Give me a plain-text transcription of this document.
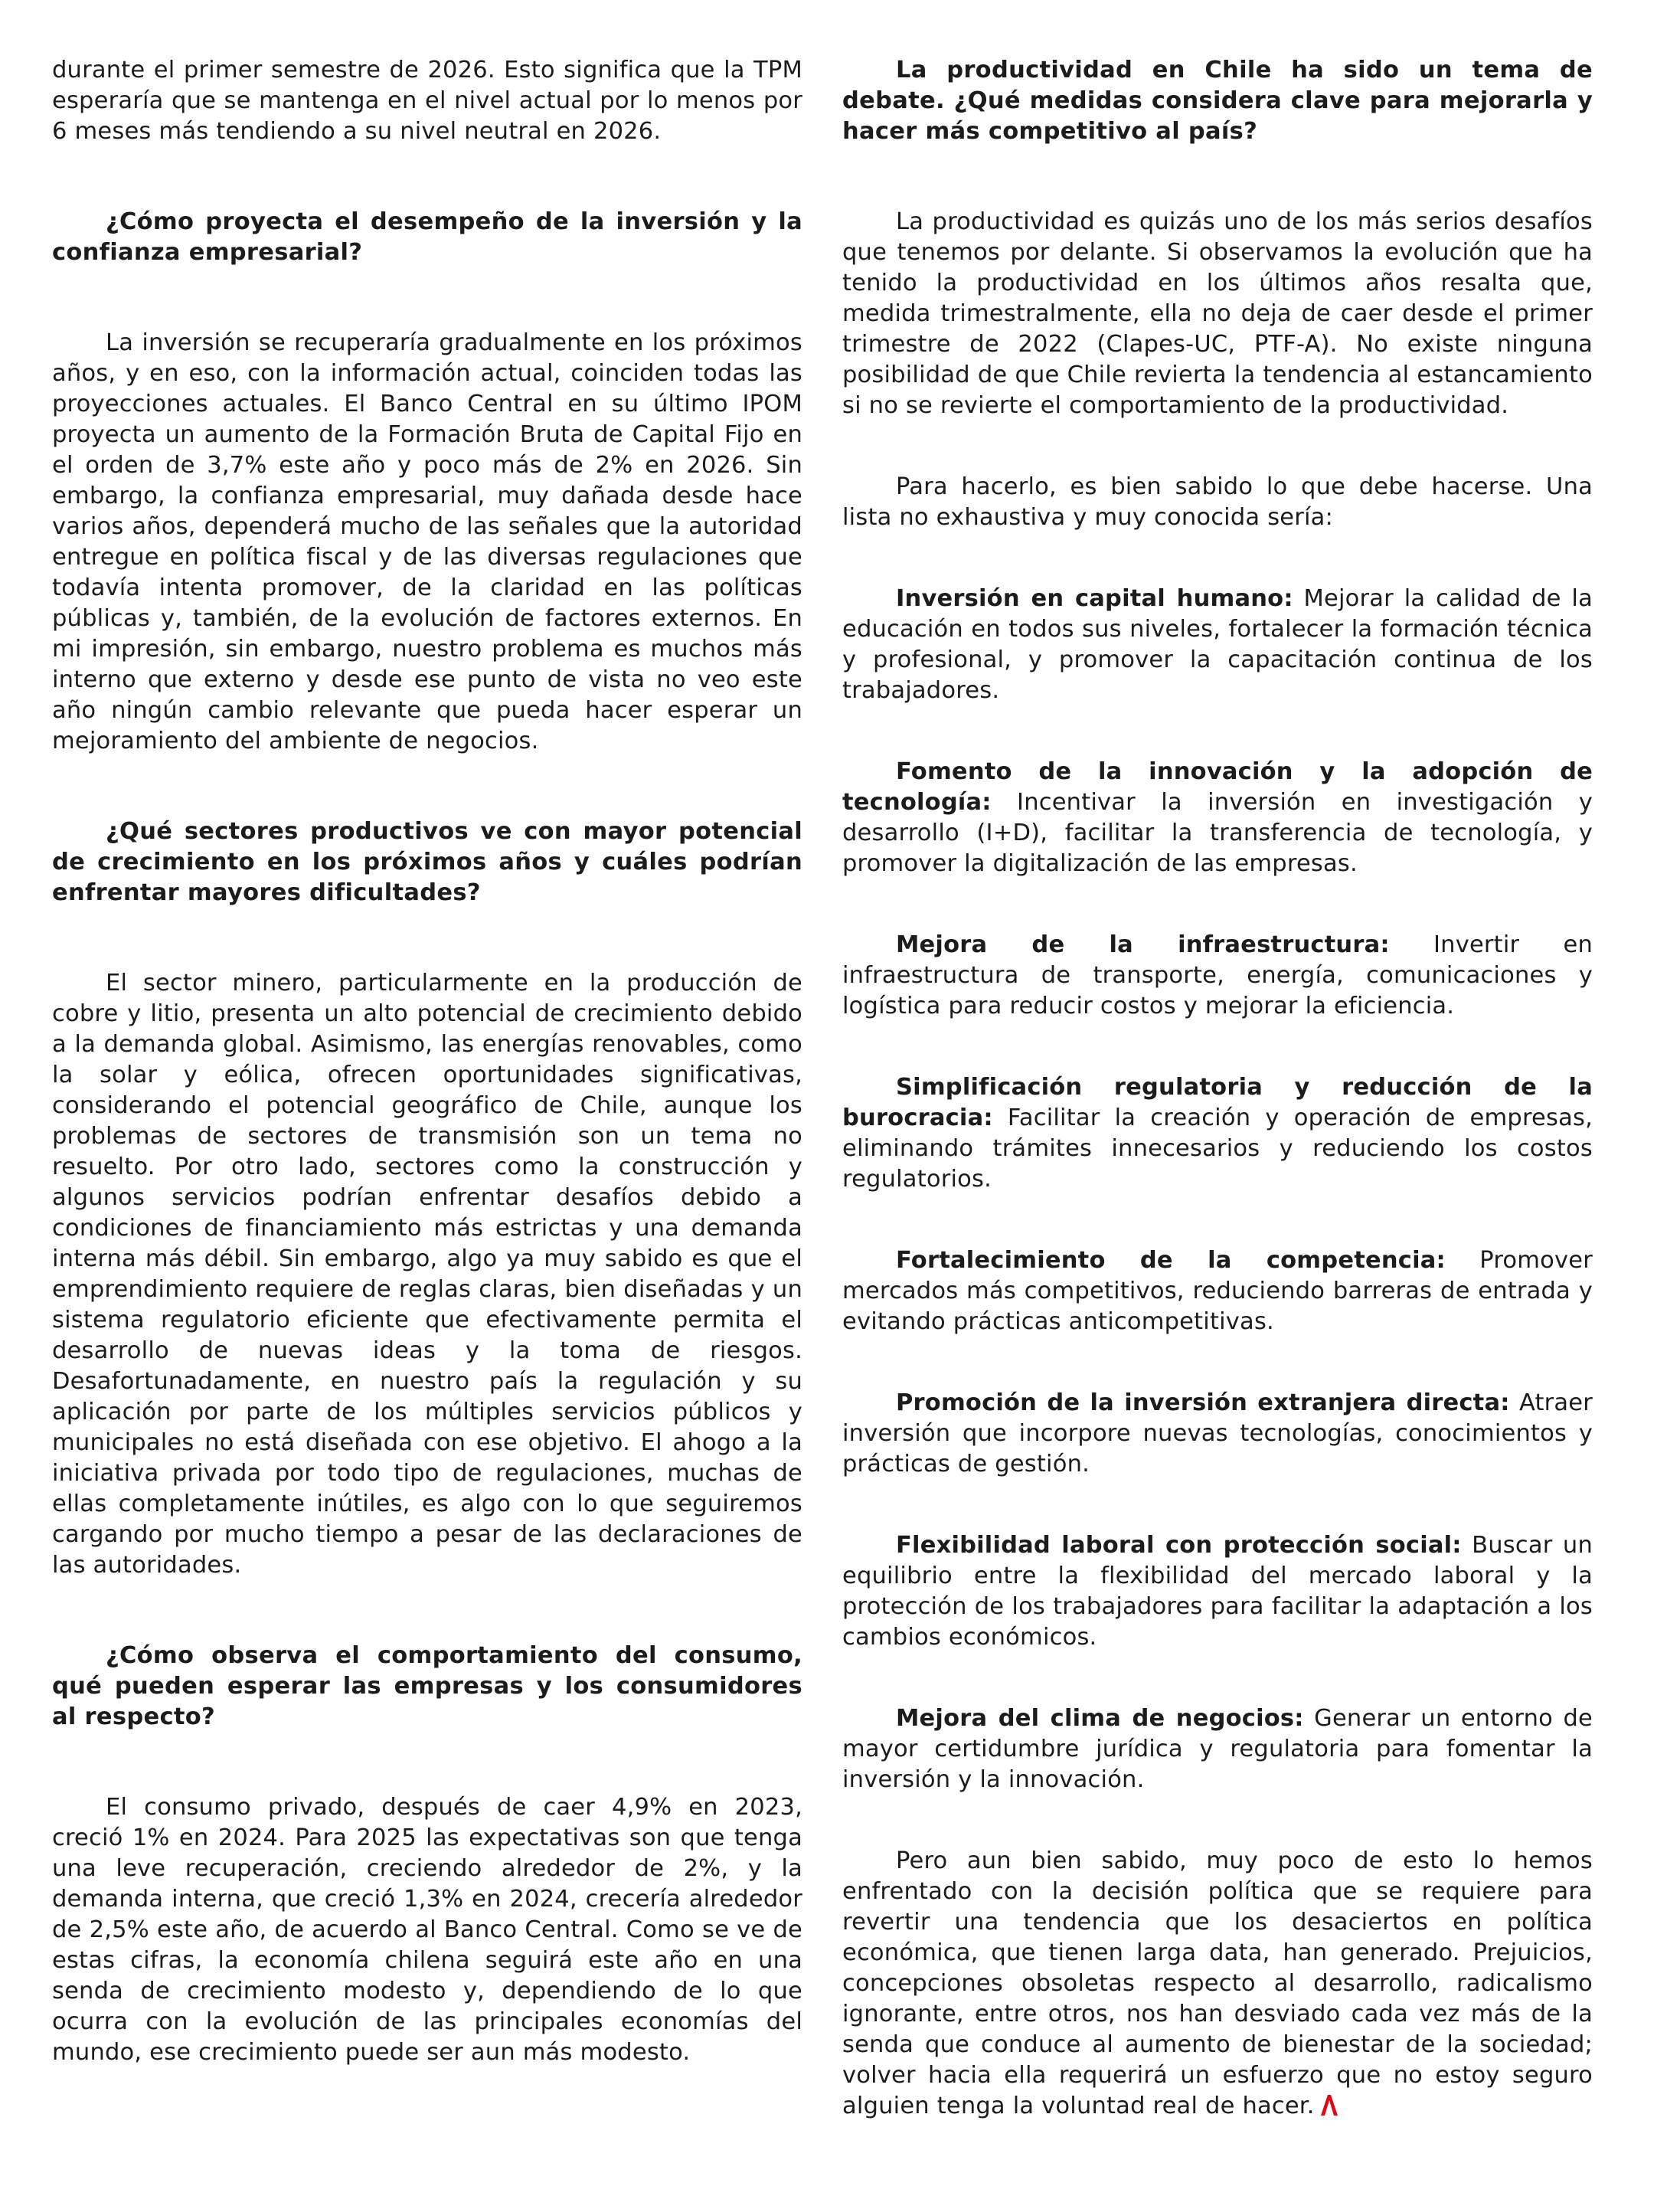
durante el primer semestre de 2026. Esto significa que la TPM esperaría que se mantenga en el nivel actual por lo menos por 6 meses más tendiendo a su nivel neutral en 2026.

¿Cómo proyecta el desempeño de la inversión y la confianza empresarial?

La inversión se recuperaría gradualmente en los próximos años, y en eso, con la información actual, coinciden todas las proyecciones actuales. El Banco Central en su último IPOM proyecta un aumento de la Formación Bruta de Capital Fijo en el orden de 3,7% este año y poco más de 2% en 2026. Sin embargo, la confianza empresarial, muy dañada desde hace varios años, dependerá mucho de las señales que la autoridad entregue en política fiscal y de las diversas regulaciones que todavía intenta promover, de la claridad en las políticas públicas y, también, de la evolución de factores externos. En mi impresión, sin embargo, nuestro problema es muchos más interno que externo y desde ese punto de vista no veo este año ningún cambio relevante que pueda hacer esperar un mejoramiento del ambiente de negocios.

¿Qué sectores productivos ve con mayor potencial de crecimiento en los próximos años y cuáles podrían enfrentar mayores dificultades?

El sector minero, particularmente en la producción de cobre y litio, presenta un alto potencial de crecimiento debido a la demanda global. Asimismo, las energías renovables, como la solar y eólica, ofrecen oportunidades significativas, considerando el potencial geográfico de Chile, aunque los problemas de sectores de transmisión son un tema no resuelto. Por otro lado, sectores como la construcción y algunos servicios podrían enfrentar desafíos debido a condiciones de financiamiento más estrictas y una demanda interna más débil. Sin embargo, algo ya muy sabido es que el emprendimiento requiere de reglas claras, bien diseñadas y un sistema regulatorio eficiente que efectivamente permita el desarrollo de nuevas ideas y la toma de riesgos. Desafortunadamente, en nuestro país la regulación y su aplicación por parte de los múltiples servicios públicos y municipales no está diseñada con ese objetivo. El ahogo a la iniciativa privada por todo tipo de regulaciones, muchas de ellas completamente inútiles, es algo con lo que seguiremos cargando por mucho tiempo a pesar de las declaraciones de las autoridades.

¿Cómo observa el comportamiento del consumo, qué pueden esperar las empresas y los consumidores al respecto?

El consumo privado, después de caer 4,9% en 2023, creció 1% en 2024. Para 2025 las expectativas son que tenga una leve recuperación, creciendo alrededor de 2%, y la demanda interna, que creció 1,3% en 2024, crecería alrededor de 2,5% este año, de acuerdo al Banco Central. Como se ve de estas cifras, la economía chilena seguirá este año en una senda de crecimiento modesto y, dependiendo de lo que ocurra con la evolución de las principales economías del mundo, ese crecimiento puede ser aun más modesto.

La productividad en Chile ha sido un tema de debate. ¿Qué medidas considera clave para mejorarla y hacer más competitivo al país?

La productividad es quizás uno de los más serios desafíos que tenemos por delante. Si observamos la evolución que ha tenido la productividad en los últimos años resalta que, medida trimestralmente, ella no deja de caer desde el primer trimestre de 2022 (Clapes-UC, PTF-A). No existe ninguna posibilidad de que Chile revierta la tendencia al estancamiento si no se revierte el comportamiento de la productividad.

Para hacerlo, es bien sabido lo que debe hacerse. Una lista no exhaustiva y muy conocida sería:

Inversión en capital humano: Mejorar la calidad de la educación en todos sus niveles, fortalecer la formación técnica y profesional, y promover la capacitación continua de los trabajadores.

Fomento de la innovación y la adopción de tecnología: Incentivar la inversión en investigación y desarrollo (I+D), facilitar la transferencia de tecnología, y promover la digitalización de las empresas.

Mejora de la infraestructura: Invertir en infraestructura de transporte, energía, comunicaciones y logística para reducir costos y mejorar la eficiencia.

Simplificación regulatoria y reducción de la burocracia: Facilitar la creación y operación de empresas, eliminando trámites innecesarios y reduciendo los costos regulatorios.

Fortalecimiento de la competencia: Promover mercados más competitivos, reduciendo barreras de entrada y evitando prácticas anticompetitivas.

Promoción de la inversión extranjera directa: Atraer inversión que incorpore nuevas tecnologías, conocimientos y prácticas de gestión.

Flexibilidad laboral con protección social: Buscar un equilibrio entre la flexibilidad del mercado laboral y la protección de los trabajadores para facilitar la adaptación a los cambios económicos.

Mejora del clima de negocios: Generar un entorno de mayor certidumbre jurídica y regulatoria para fomentar la inversión y la innovación.

Pero aun bien sabido, muy poco de esto lo hemos enfrentado con la decisión política que se requiere para revertir una tendencia que los desaciertos en política económica, que tienen larga data, han generado. Prejuicios, concepciones obsoletas respecto al desarrollo, radicalismo ignorante, entre otros, nos han desviado cada vez más de la senda que conduce al aumento de bienestar de la sociedad; volver hacia ella requerirá un esfuerzo que no estoy seguro alguien tenga la voluntad real de hacer.
